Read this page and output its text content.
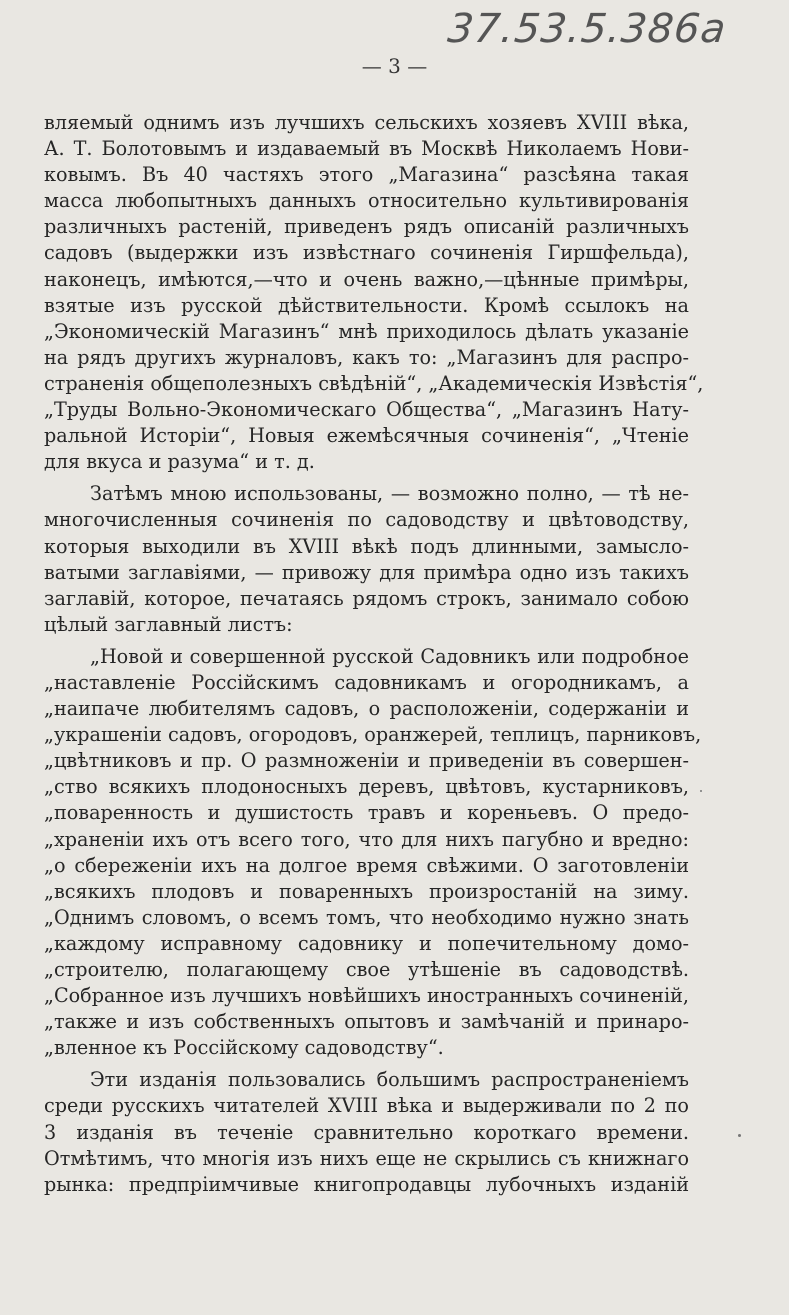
37.53.5.386а
— 3 —
вляемый однимъ изъ лучшихъ сельскихъ хозяевъ XVIII вѣка,
А. Т. Болотовымъ и издаваемый въ Москвѣ Николаемъ Нови-
ковымъ. Въ 40 частяхъ этого „Магазина“ разсѣяна такая
масса любопытныхъ данныхъ относительно культивированія
различныхъ растеній, приведенъ рядъ описаній различныхъ
садовъ (выдержки изъ извѣстнаго сочиненія Гиршфельда),
наконецъ, имѣются,—что и очень важно,—цѣнные примѣры,
взятые изъ русской дѣйствительности. Кромѣ ссылокъ на
„Экономическій Магазинъ“ мнѣ приходилось дѣлать указаніе
на рядъ другихъ журналовъ, какъ то: „Магазинъ для распро-
страненія общеполезныхъ свѣдѣній“, „Академическія Извѣстія“,
„Труды Вольно-Экономическаго Общества“, „Магазинъ Нату-
ральной Исторіи“, Новыя ежемѣсячныя сочиненія“, „Чтеніе
для вкуса и разума“ и т. д.
Затѣмъ мною использованы, — возможно полно, — тѣ не-
многочисленныя сочиненія по садоводству и цвѣтоводству,
которыя выходили въ XVIII вѣкѣ подъ длинными, замысло-
ватыми заглавіями, — привожу для примѣра одно изъ такихъ
заглавій, которое, печатаясь рядомъ строкъ, занимало собою
цѣлый заглавный листъ:
„Новой и совершенной русской Садовникъ или подробное
„наставленіе Россійскимъ садовникамъ и огородникамъ, а
„наипаче любителямъ садовъ, о расположеніи, содержаніи и
„украшеніи садовъ, огородовъ, оранжерей, теплицъ, парниковъ,
„цвѣтниковъ и пр. О размноженіи и приведеніи въ совершен-
„ство всякихъ плодоносныхъ деревъ, цвѣтовъ, кустарниковъ,
„поваренность и душистость травъ и кореньевъ. О предо-
„храненіи ихъ отъ всего того, что для нихъ пагубно и вредно:
„о сбереженіи ихъ на долгое время свѣжими. О заготовленіи
„всякихъ плодовъ и поваренныхъ произростаній на зиму.
„Однимъ словомъ, о всемъ томъ, что необходимо нужно знать
„каждому исправному садовнику и попечительному домо-
„строителю, полагающему свое утѣшеніе въ садоводствѣ.
„Собранное изъ лучшихъ новѣйшихъ иностранныхъ сочиненій,
„также и изъ собственныхъ опытовъ и замѣчаній и принаро-
„вленное къ Россійскому садоводству“.
Эти изданія пользовались большимъ распространеніемъ
среди русскихъ читателей XVIII вѣка и выдерживали по 2 по
3 изданія въ теченіе сравнительно короткаго времени.
Отмѣтимъ, что многія изъ нихъ еще не скрылись съ книжнаго
рынка: предпріимчивые книгопродавцы лубочныхъ изданій
